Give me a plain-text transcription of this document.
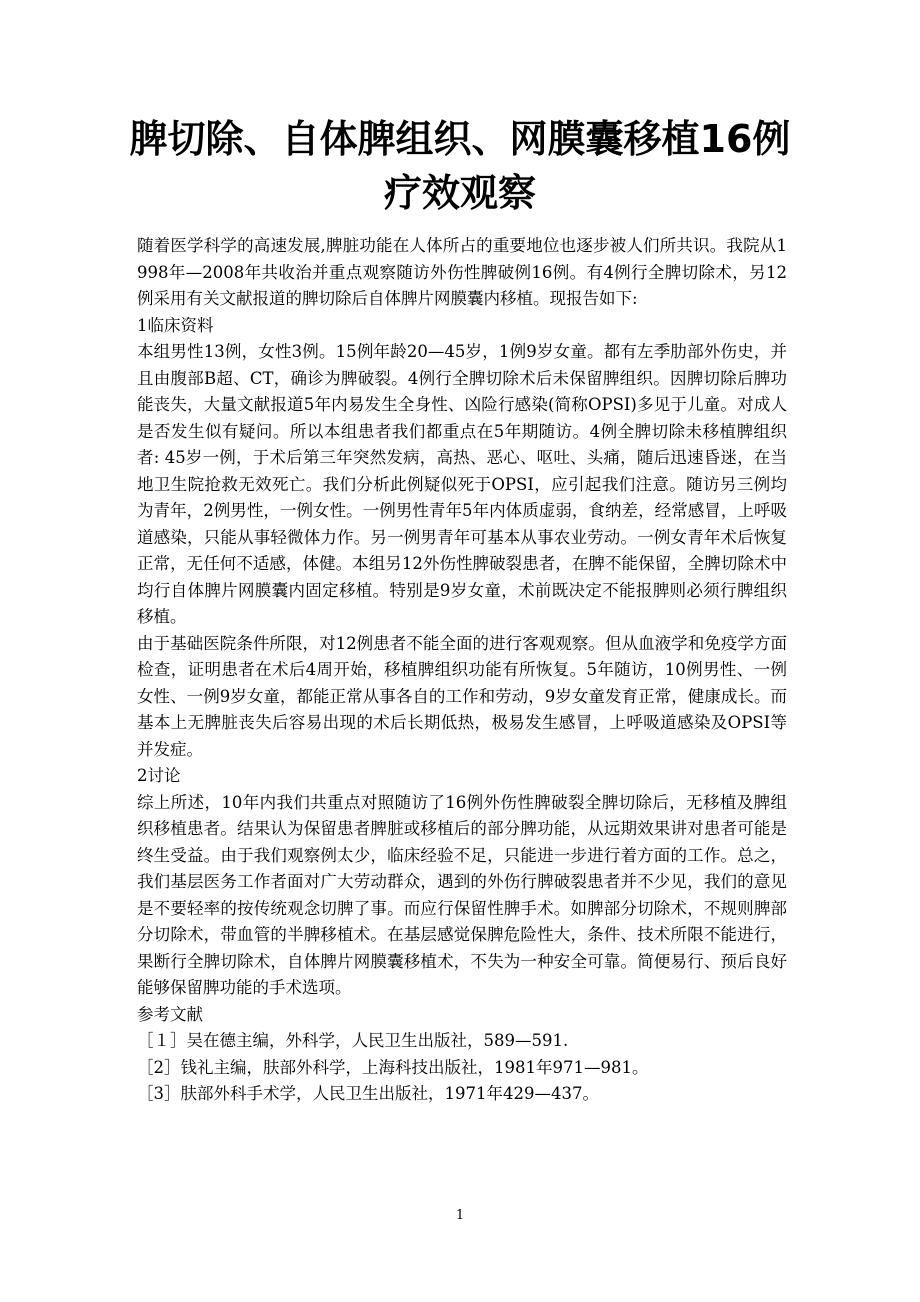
脾切除、自体脾组织、网膜囊移植16例
疗效观察

随着医学科学的高速发展,脾脏功能在人体所占的重要地位也逐步被人们所共识。我院从1998年—2008年共收治并重点观察随访外伤性脾破例16例。有4例行全脾切除术，另12例采用有关文献报道的脾切除后自体脾片网膜囊内移植。现报告如下:

1临床资料

本组男性13例，女性3例。15例年龄20—45岁，1例9岁女童。都有左季肋部外伤史，并且由腹部B超、CT，确诊为脾破裂。4例行全脾切除术后未保留脾组织。因脾切除后脾功能丧失，大量文献报道5年内易发生全身性、凶险行感染(简称OPSI)多见于儿童。对成人是否发生似有疑问。所以本组患者我们都重点在5年期随访。4例全脾切除未移植脾组织者: 45岁一例，于术后第三年突然发病，高热、恶心、呕吐、头痛，随后迅速昏迷，在当地卫生院抢救无效死亡。我们分析此例疑似死于OPSI，应引起我们注意。随访另三例均为青年，2例男性，一例女性。一例男性青年5年内体质虚弱，食纳差，经常感冒，上呼吸道感染，只能从事轻微体力作。另一例男青年可基本从事农业劳动。一例女青年术后恢复正常，无任何不适感，体健。本组另12外伤性脾破裂患者，在脾不能保留，全脾切除术中均行自体脾片网膜囊内固定移植。特别是9岁女童，术前既决定不能报脾则必须行脾组织移植。

由于基础医院条件所限，对12例患者不能全面的进行客观观察。但从血液学和免疫学方面检查，证明患者在术后4周开始，移植脾组织功能有所恢复。5年随访，10例男性、一例女性、一例9岁女童，都能正常从事各自的工作和劳动，9岁女童发育正常，健康成长。而基本上无脾脏丧失后容易出现的术后长期低热，极易发生感冒，上呼吸道感染及OPSI等并发症。

2讨论

综上所述，10年内我们共重点对照随访了16例外伤性脾破裂全脾切除后，无移植及脾组织移植患者。结果认为保留患者脾脏或移植后的部分脾功能，从远期效果讲对患者可能是终生受益。由于我们观察例太少，临床经验不足，只能进一步进行着方面的工作。总之，我们基层医务工作者面对广大劳动群众，遇到的外伤行脾破裂患者并不少见，我们的意见是不要轻率的按传统观念切脾了事。而应行保留性脾手术。如脾部分切除术，不规则脾部分切除术，带血管的半脾移植术。在基层感觉保脾危险性大，条件、技术所限不能进行，果断行全脾切除术，自体脾片网膜囊移植术，不失为一种安全可靠。简便易行、预后良好能够保留脾功能的手术选项。

参考文献

［１］吴在德主编，外科学，人民卫生出版社，589—591.
［2］钱礼主编，肤部外科学，上海科技出版社，1981年971—981。
［3］肤部外科手术学，人民卫生出版社，1971年429—437。
1
